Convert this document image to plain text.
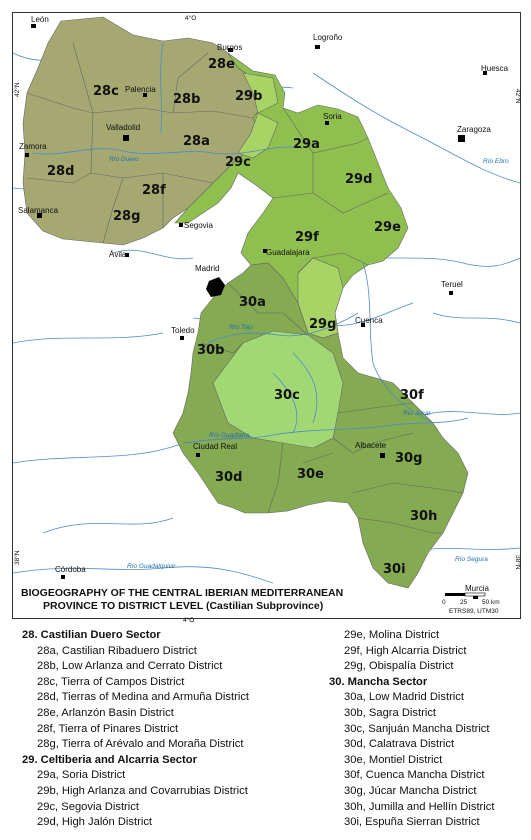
León
Burgos
Logroño
Huesca
Palencia
Soria
Zaragoza
Valladolid
Zamora
Salamanca
Segovia
Ávila	Guadalajara
Madrid
Teruel
Cuenca
Toledo
Ciudad Real	Albacete
Córdoba
Murcia
Río Duero	Río Ebro
Río Tajo
Río Júcar
Río Guadiana
Río Segura
Río Guadalquivir
28a
28b
28c
28d
28e
28f
28g
29a
29b
29c
29d
29e
29f
29g
30a
30b
30c
30d	30e
30f
30g
30h
30i
4°O
42°N	42°N
38°N	38°N
BIOGEOGRAPHY OF THE CENTRAL IBERIAN MEDITERRANEAN
PROVINCE TO DISTRICT LEVEL (Castilian Subprovince)	0 25 50 km
ETRS89, UTM30
4°O
28. Castilian Duero Sector
28a, Castilian Ribaduero District
28b, Low Arlanza and Cerrato District
28c, Tierra of Campos District
28d, Tierras of Medina and Armuña District
28e, Arlanzón Basin District
28f, Tierra of Pinares District
28g, Tierra of Arévalo and Moraña District
29. Celtiberia and Alcarria Sector
29a, Soria District
29b, High Arlanza and Covarrubias District
29c, Segovia District
29d, High Jalón District
29e, Molina District
29f, High Alcarria District
29g, Obispalía District
30. Mancha Sector
30a, Low Madrid District
30b, Sagra District
30c, Sanjuán Mancha District
30d, Calatrava District
30e, Montiel District
30f, Cuenca Mancha District
30g, Júcar Mancha District
30h, Jumilla and Hellín District
30i, Espuña Sierran District
